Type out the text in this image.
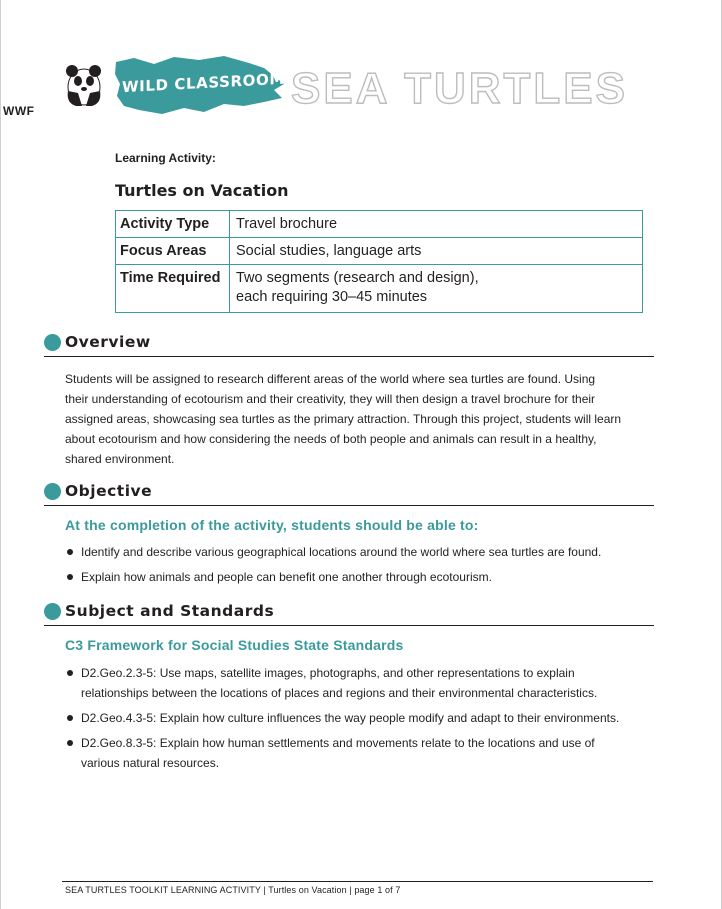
WWF
WILD CLASSROOM SEA TURTLES
Learning Activity:
Turtles on Vacation
Activity Type	Travel brochure
Focus Areas	Social studies, language arts
Time Required	Two segments (research and design),
each requiring 30–45 minutes
Overview
Students will be assigned to research different areas of the world where sea turtles are found. Using
their understanding of ecotourism and their creativity, they will then design a travel brochure for their
assigned areas, showcasing sea turtles as the primary attraction. Through this project, students will learn
about ecotourism and how considering the needs of both people and animals can result in a healthy,
shared environment.
Objective
At the completion of the activity, students should be able to:
Identify and describe various geographical locations around the world where sea turtles are found.
Explain how animals and people can benefit one another through ecotourism.
Subject and Standards
C3 Framework for Social Studies State Standards
D2.Geo.2.3-5: Use maps, satellite images, photographs, and other representations to explain
relationships between the locations of places and regions and their environmental characteristics.
D2.Geo.4.3-5: Explain how culture influences the way people modify and adapt to their environments.
D2.Geo.8.3-5: Explain how human settlements and movements relate to the locations and use of
various natural resources.
SEA TURTLES TOOLKIT LEARNING ACTIVITY | Turtles on Vacation | page 1 of 7
